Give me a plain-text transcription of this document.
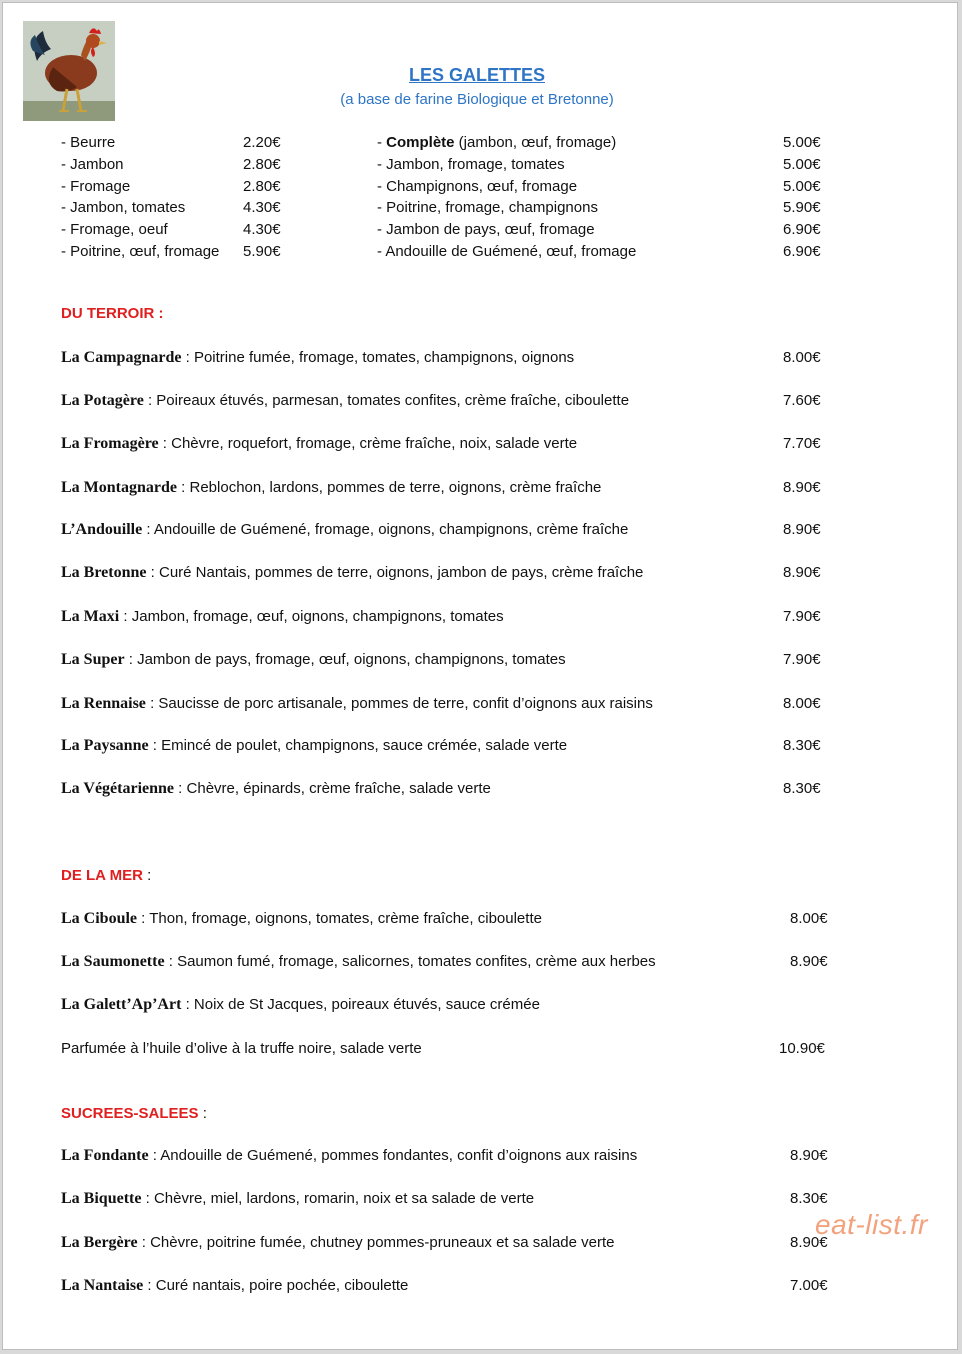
LES GALETTES
(a base de farine Biologique et Bretonne)
- Beurre	2.20€
- Jambon	2.80€
- Fromage	2.80€
- Jambon, tomates	4.30€
- Fromage, oeuf	4.30€
- Poitrine, œuf, fromage 5.90€
- Complète (jambon, œuf, fromage)	5.00€
- Jambon, fromage, tomates	5.00€
- Champignons, œuf, fromage	5.00€
- Poitrine, fromage, champignons	5.90€
- Jambon de pays, œuf, fromage	6.90€
- Andouille de Guémené, œuf, fromage	6.90€
DU TERROIR :
La Campagnarde : Poitrine fumée, fromage, tomates, champignons, oignons	8.00€
La Potagère : Poireaux étuvés, parmesan, tomates confites, crème fraîche, ciboulette	7.60€
La Fromagère : Chèvre, roquefort, fromage, crème fraîche, noix, salade verte	7.70€
La Montagnarde : Reblochon, lardons, pommes de terre, oignons, crème fraîche	8.90€
L’Andouille : Andouille de Guémené, fromage, oignons, champignons, crème fraîche	8.90€
La Bretonne : Curé Nantais, pommes de terre, oignons, jambon de pays, crème fraîche	8.90€
La Maxi : Jambon, fromage, œuf, oignons, champignons, tomates	7.90€
La Super : Jambon de pays, fromage, œuf, oignons, champignons, tomates	7.90€
La Rennaise : Saucisse de porc artisanale, pommes de terre, confit d’oignons aux raisins	8.00€
La Paysanne : Emincé de poulet, champignons, sauce crémée, salade verte	8.30€
La Végétarienne : Chèvre, épinards, crème fraîche, salade verte	8.30€
DE LA MER :
La Ciboule : Thon, fromage, oignons, tomates, crème fraîche, ciboulette	8.00€
La Saumonette : Saumon fumé, fromage, salicornes, tomates confites, crème aux herbes	8.90€
La Galett’Ap’Art : Noix de St Jacques, poireaux étuvés, sauce crémée
Parfumée à l’huile d’olive à la truffe noire, salade verte	10.90€
SUCREES-SALEES :
La Fondante : Andouille de Guémené, pommes fondantes, confit d’oignons aux raisins	8.90€
La Biquette : Chèvre, miel, lardons, romarin, noix et sa salade de verte	8.30€
La Bergère : Chèvre, poitrine fumée, chutney pommes-pruneaux et sa salade verte	8.90€
La Nantaise : Curé nantais, poire pochée, ciboulette	7.00€
eat-list.fr
